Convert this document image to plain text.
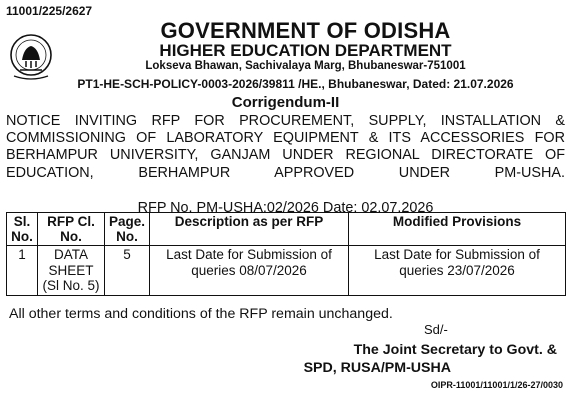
11001/225/2627
GOVERNMENT OF ODISHA
HIGHER EDUCATION DEPARTMENT
Lokseva Bhawan, Sachivalaya Marg, Bhubaneswar-751001
PT1-HE-SCH-POLICY-0003-2026/39811 /HE., Bhubaneswar, Dated: 21.07.2026
Corrigendum-II
NOTICE INVITING RFP FOR PROCUREMENT, SUPPLY, INSTALLATION & COMMISSIONING OF LABORATORY EQUIPMENT & ITS ACCESSORIES FOR BERHAMPUR UNIVERSITY, GANJAM UNDER REGIONAL DIRECTORATE OF EDUCATION, BERHAMPUR APPROVED UNDER PM-USHA.
RFP No. PM-USHA:02/2026 Date: 02.07.2026
Sl. No.	RFP Cl. No.	Page. No.	Description as per RFP	Modified Provisions
1	DATA SHEET (Sl No. 5)	5	Last Date for Submission of queries 08/07/2026	Last Date for Submission of queries 23/07/2026
All other terms and conditions of the RFP remain unchanged.
Sd/-
The Joint Secretary to Govt. &
SPD, RUSA/PM-USHA
OIPR-11001/11001/1/26-27/0030
